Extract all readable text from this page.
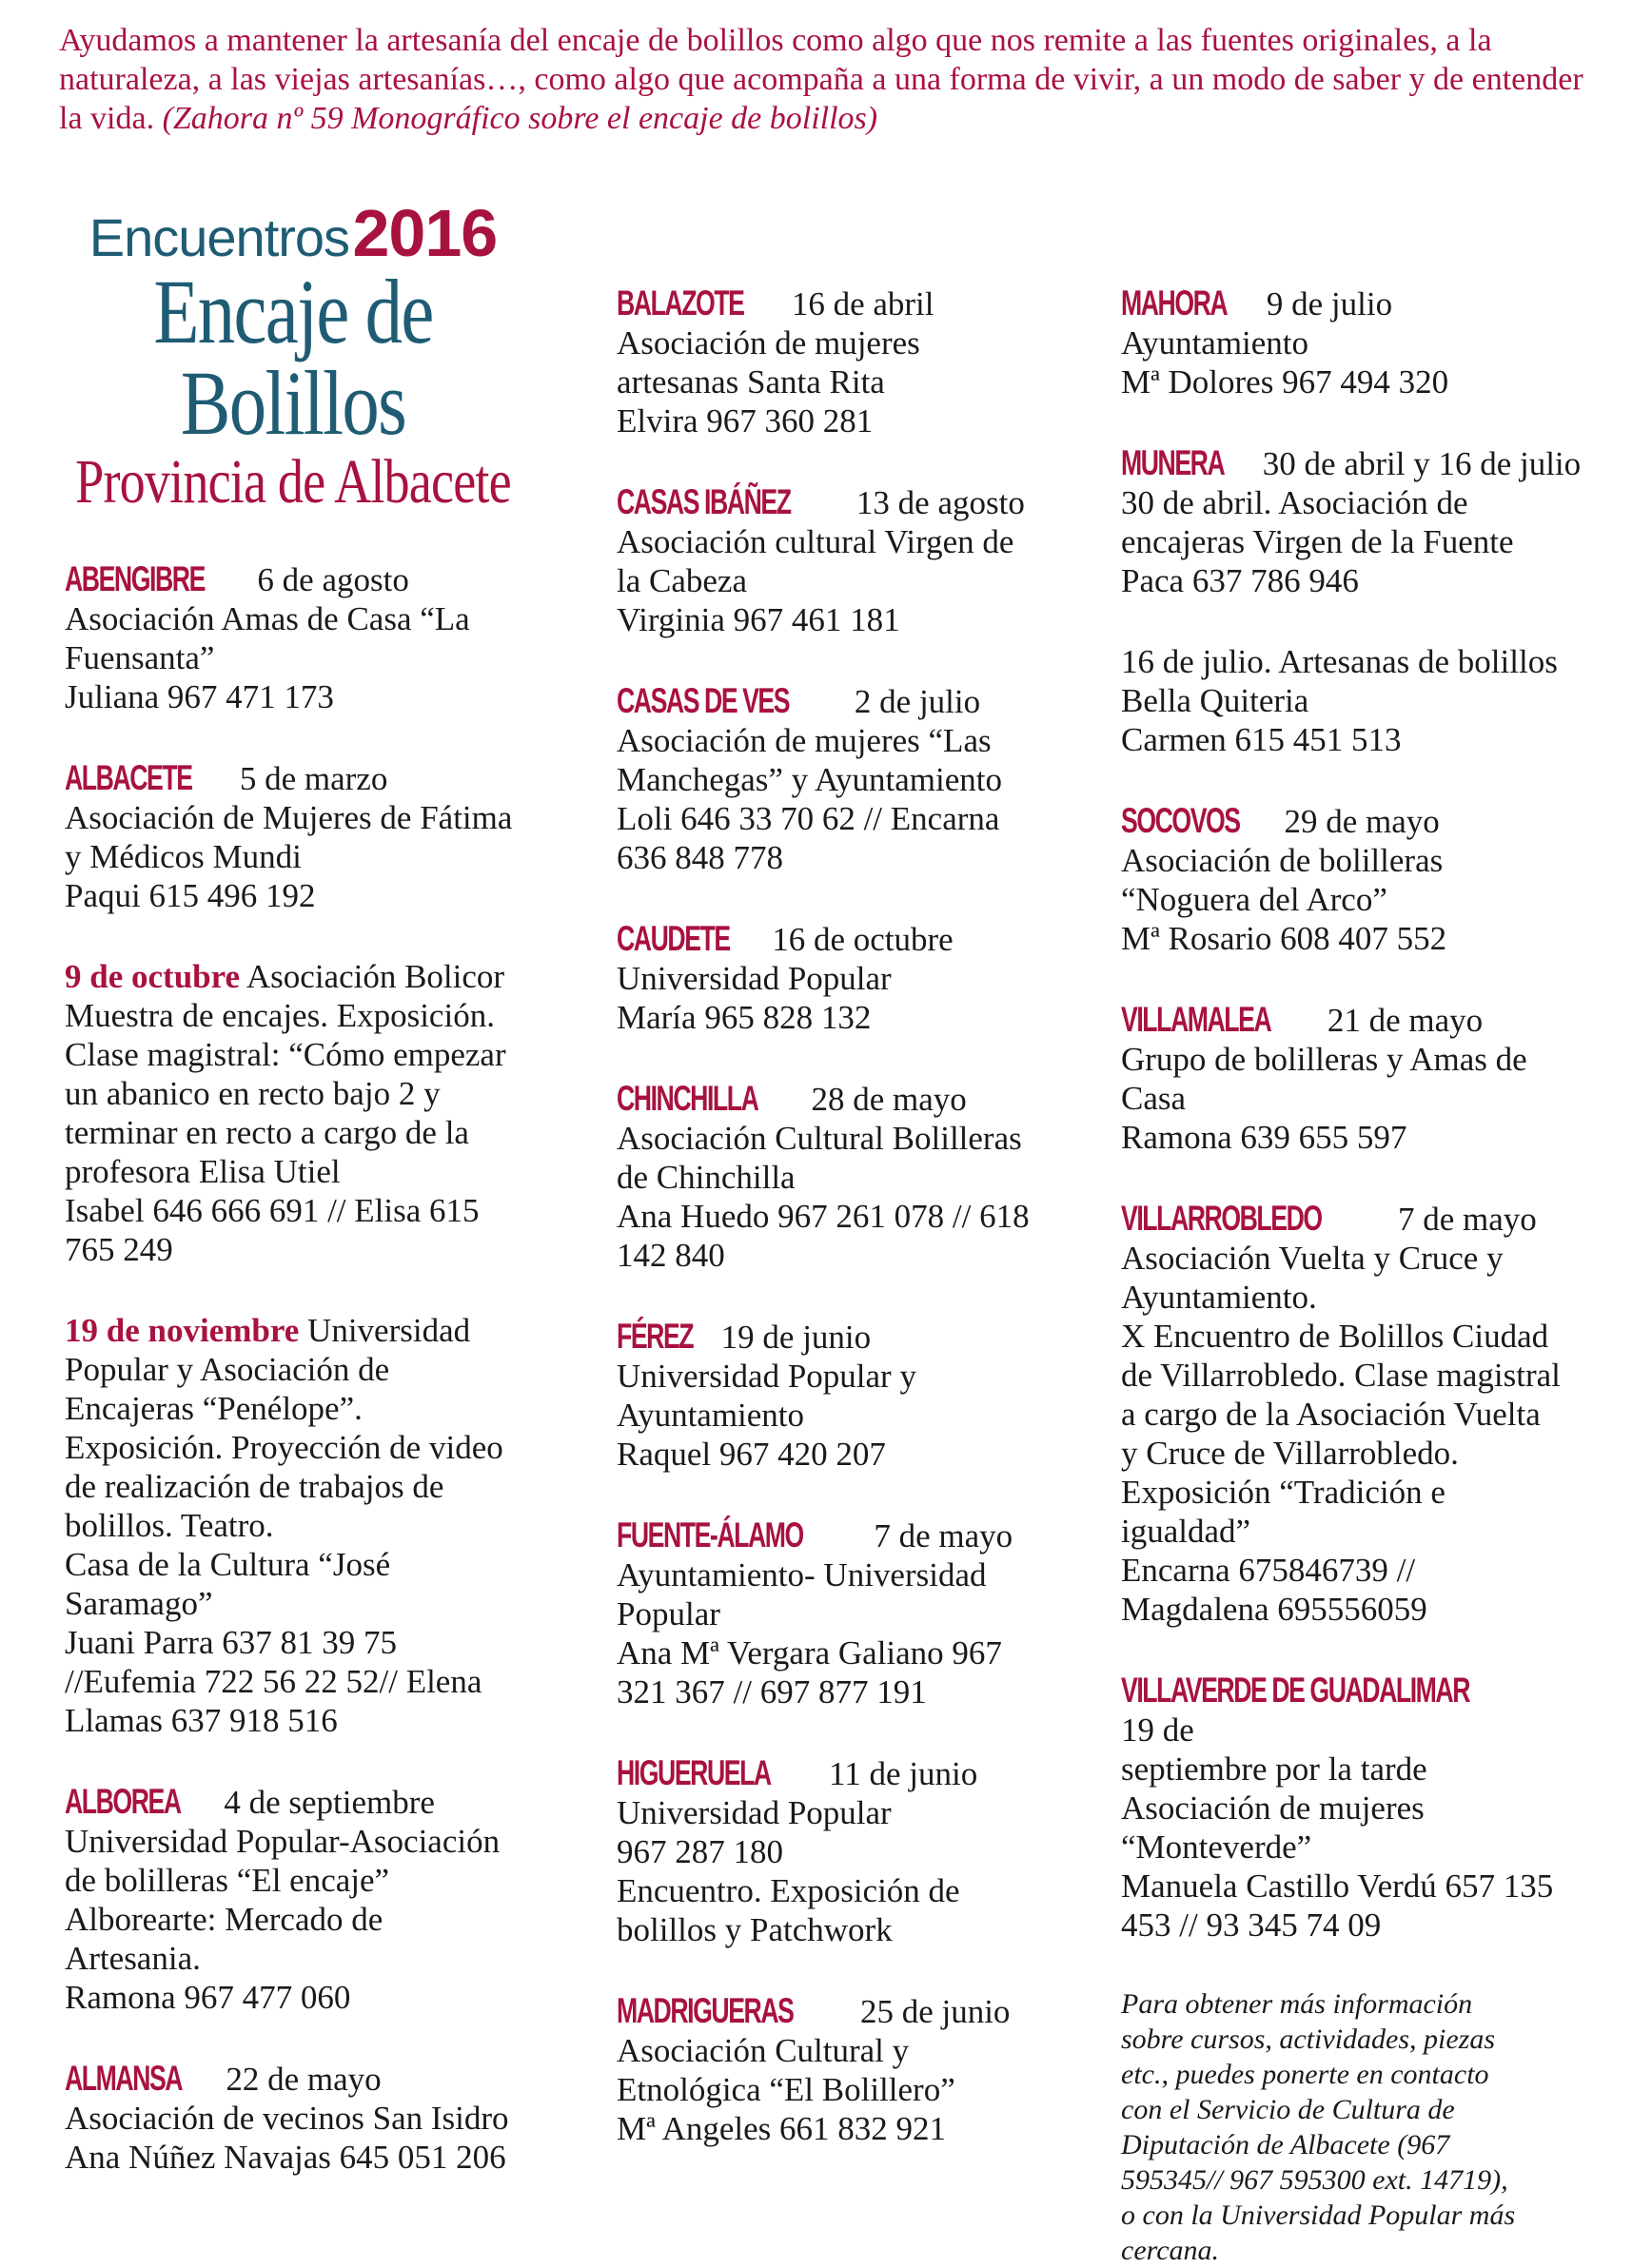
Ayudamos a mantener la artesanía del encaje de bolillos como algo que nos remite a las fuentes originales, a la naturaleza, a las viejas artesanías…, como algo que acompaña a una forma de vivir, a un modo de saber y de entender la vida. (Zahora nº 59 Monográfico sobre el encaje de bolillos)
Encuentros 2016
Encaje de Bolillos
Provincia de Albacete
ABENGIBRE 6 de agosto
Asociación Amas de Casa “La
Fuensanta”
Juliana 967 471 173
ALBACETE 5 de marzo
Asociación de Mujeres de Fátima
y Médicos Mundi
Paqui 615 496 192
9 de octubre Asociación Bolicor
Muestra de encajes. Exposición.
Clase magistral: “Cómo empezar
un abanico en recto bajo 2 y
terminar en recto a cargo de la
profesora Elisa Utiel
Isabel 646 666 691 // Elisa 615
765 249
19 de noviembre Universidad
Popular y Asociación de
Encajeras “Penélope”.
Exposición. Proyección de video
de realización de trabajos de
bolillos. Teatro.
Casa de la Cultura “José
Saramago”
Juani Parra 637 81 39 75
//Eufemia 722 56 22 52// Elena
Llamas 637 918 516
ALBOREA 4 de septiembre
Universidad Popular-Asociación
de bolilleras “El encaje”
Alborearte: Mercado de
Artesania.
Ramona 967 477 060
ALMANSA 22 de mayo
Asociación de vecinos San Isidro
Ana Núñez Navajas 645 051 206
BALAZOTE 16 de abril
Asociación de mujeres
artesanas Santa Rita
Elvira 967 360 281
CASAS IBÁÑEZ 13 de agosto
Asociación cultural Virgen de
la Cabeza
Virginia 967 461 181
CASAS DE VES 2 de julio
Asociación de mujeres “Las
Manchegas” y Ayuntamiento
Loli 646 33 70 62 // Encarna
636 848 778
CAUDETE 16 de octubre
Universidad Popular
María 965 828 132
CHINCHILLA 28 de mayo
Asociación Cultural Bolilleras
de Chinchilla
Ana Huedo 967 261 078 // 618
142 840
FÉREZ 19 de junio
Universidad Popular y
Ayuntamiento
Raquel 967 420 207
FUENTE-ÁLAMO 7 de mayo
Ayuntamiento- Universidad
Popular
Ana Mª Vergara Galiano 967
321 367 // 697 877 191
HIGUERUELA 11 de junio
Universidad Popular
967 287 180
Encuentro. Exposición de
bolillos y Patchwork
MADRIGUERAS 25 de junio
Asociación Cultural y
Etnológica “El Bolillero”
Mª Angeles 661 832 921
MAHORA 9 de julio
Ayuntamiento
Mª Dolores 967 494 320
MUNERA 30 de abril y 16 de julio
30 de abril. Asociación de
encajeras Virgen de la Fuente
Paca 637 786 946
16 de julio. Artesanas de bolillos
Bella Quiteria
Carmen 615 451 513
SOCOVOS 29 de mayo
Asociación de bolilleras
“Noguera del Arco”
Mª Rosario 608 407 552
VILLAMALEA 21 de mayo
Grupo de bolilleras y Amas de
Casa
Ramona 639 655 597
VILLARROBLEDO 7 de mayo
Asociación Vuelta y Cruce y
Ayuntamiento.
X Encuentro de Bolillos Ciudad
de Villarrobledo. Clase magistral
a cargo de la Asociación Vuelta
y Cruce de Villarrobledo.
Exposición “Tradición e
igualdad”
Encarna 675846739 //
Magdalena 695556059
VILLAVERDE DE GUADALIMAR 19 de
septiembre por la tarde
Asociación de mujeres
“Monteverde”
Manuela Castillo Verdú 657 135
453 // 93 345 74 09
Para obtener más información
sobre cursos, actividades, piezas
etc., puedes ponerte en contacto
con el Servicio de Cultura de
Diputación de Albacete (967
595345// 967 595300 ext. 14719),
o con la Universidad Popular más
cercana.
